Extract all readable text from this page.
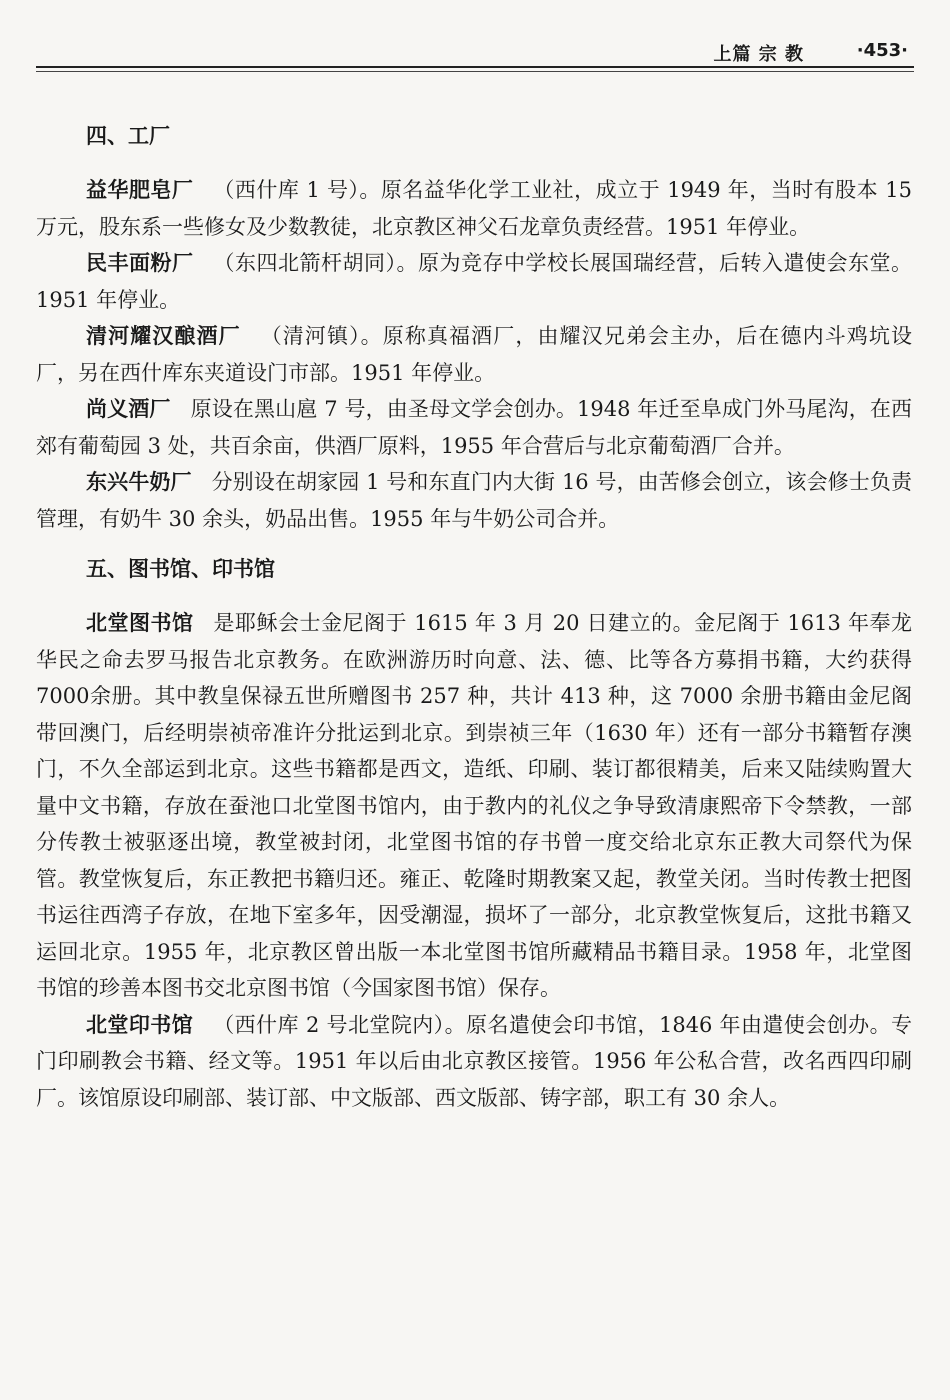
上篇 宗 教	·453·
四、工厂

益华肥皂厂 （西什库 1 号）。原名益华化学工业社，成立于 1949 年，当时有股本 15 万元，股东系一些修女及少数教徒，北京教区神父石龙章负责经营。1951 年停业。

民丰面粉厂 （东四北箭杆胡同）。原为竞存中学校长展国瑞经营，后转入遣使会东堂。1951 年停业。

清河耀汉酿酒厂 （清河镇）。原称真福酒厂，由耀汉兄弟会主办，后在德内斗鸡坑设厂，另在西什库东夹道设门市部。1951 年停业。

尚义酒厂 原设在黑山扈 7 号，由圣母文学会创办。1948 年迁至阜成门外马尾沟，在西郊有葡萄园 3 处，共百余亩，供酒厂原料，1955 年合营后与北京葡萄酒厂合并。

东兴牛奶厂 分别设在胡家园 1 号和东直门内大街 16 号，由苦修会创立，该会修士负责管理，有奶牛 30 余头，奶品出售。1955 年与牛奶公司合并。

五、图书馆、印书馆

北堂图书馆 是耶稣会士金尼阁于 1615 年 3 月 20 日建立的。金尼阁于 1613 年奉龙华民之命去罗马报告北京教务。在欧洲游历时向意、法、德、比等各方募捐书籍，大约获得7000余册。其中教皇保禄五世所赠图书 257 种，共计 413 种，这 7000 余册书籍由金尼阁带回澳门，后经明崇祯帝准许分批运到北京。到崇祯三年（1630 年）还有一部分书籍暂存澳门，不久全部运到北京。这些书籍都是西文，造纸、印刷、装订都很精美，后来又陆续购置大量中文书籍，存放在蚕池口北堂图书馆内，由于教内的礼仪之争导致清康熙帝下令禁教，一部分传教士被驱逐出境，教堂被封闭，北堂图书馆的存书曾一度交给北京东正教大司祭代为保管。教堂恢复后，东正教把书籍归还。雍正、乾隆时期教案又起，教堂关闭。当时传教士把图书运往西湾子存放，在地下室多年，因受潮湿，损坏了一部分，北京教堂恢复后，这批书籍又运回北京。1955 年，北京教区曾出版一本北堂图书馆所藏精品书籍目录。1958 年，北堂图书馆的珍善本图书交北京图书馆（今国家图书馆）保存。

北堂印书馆 （西什库 2 号北堂院内）。原名遣使会印书馆，1846 年由遣使会创办。专门印刷教会书籍、经文等。1951 年以后由北京教区接管。1956 年公私合营，改名西四印刷厂。该馆原设印刷部、装订部、中文版部、西文版部、铸字部，职工有 30 余人。
